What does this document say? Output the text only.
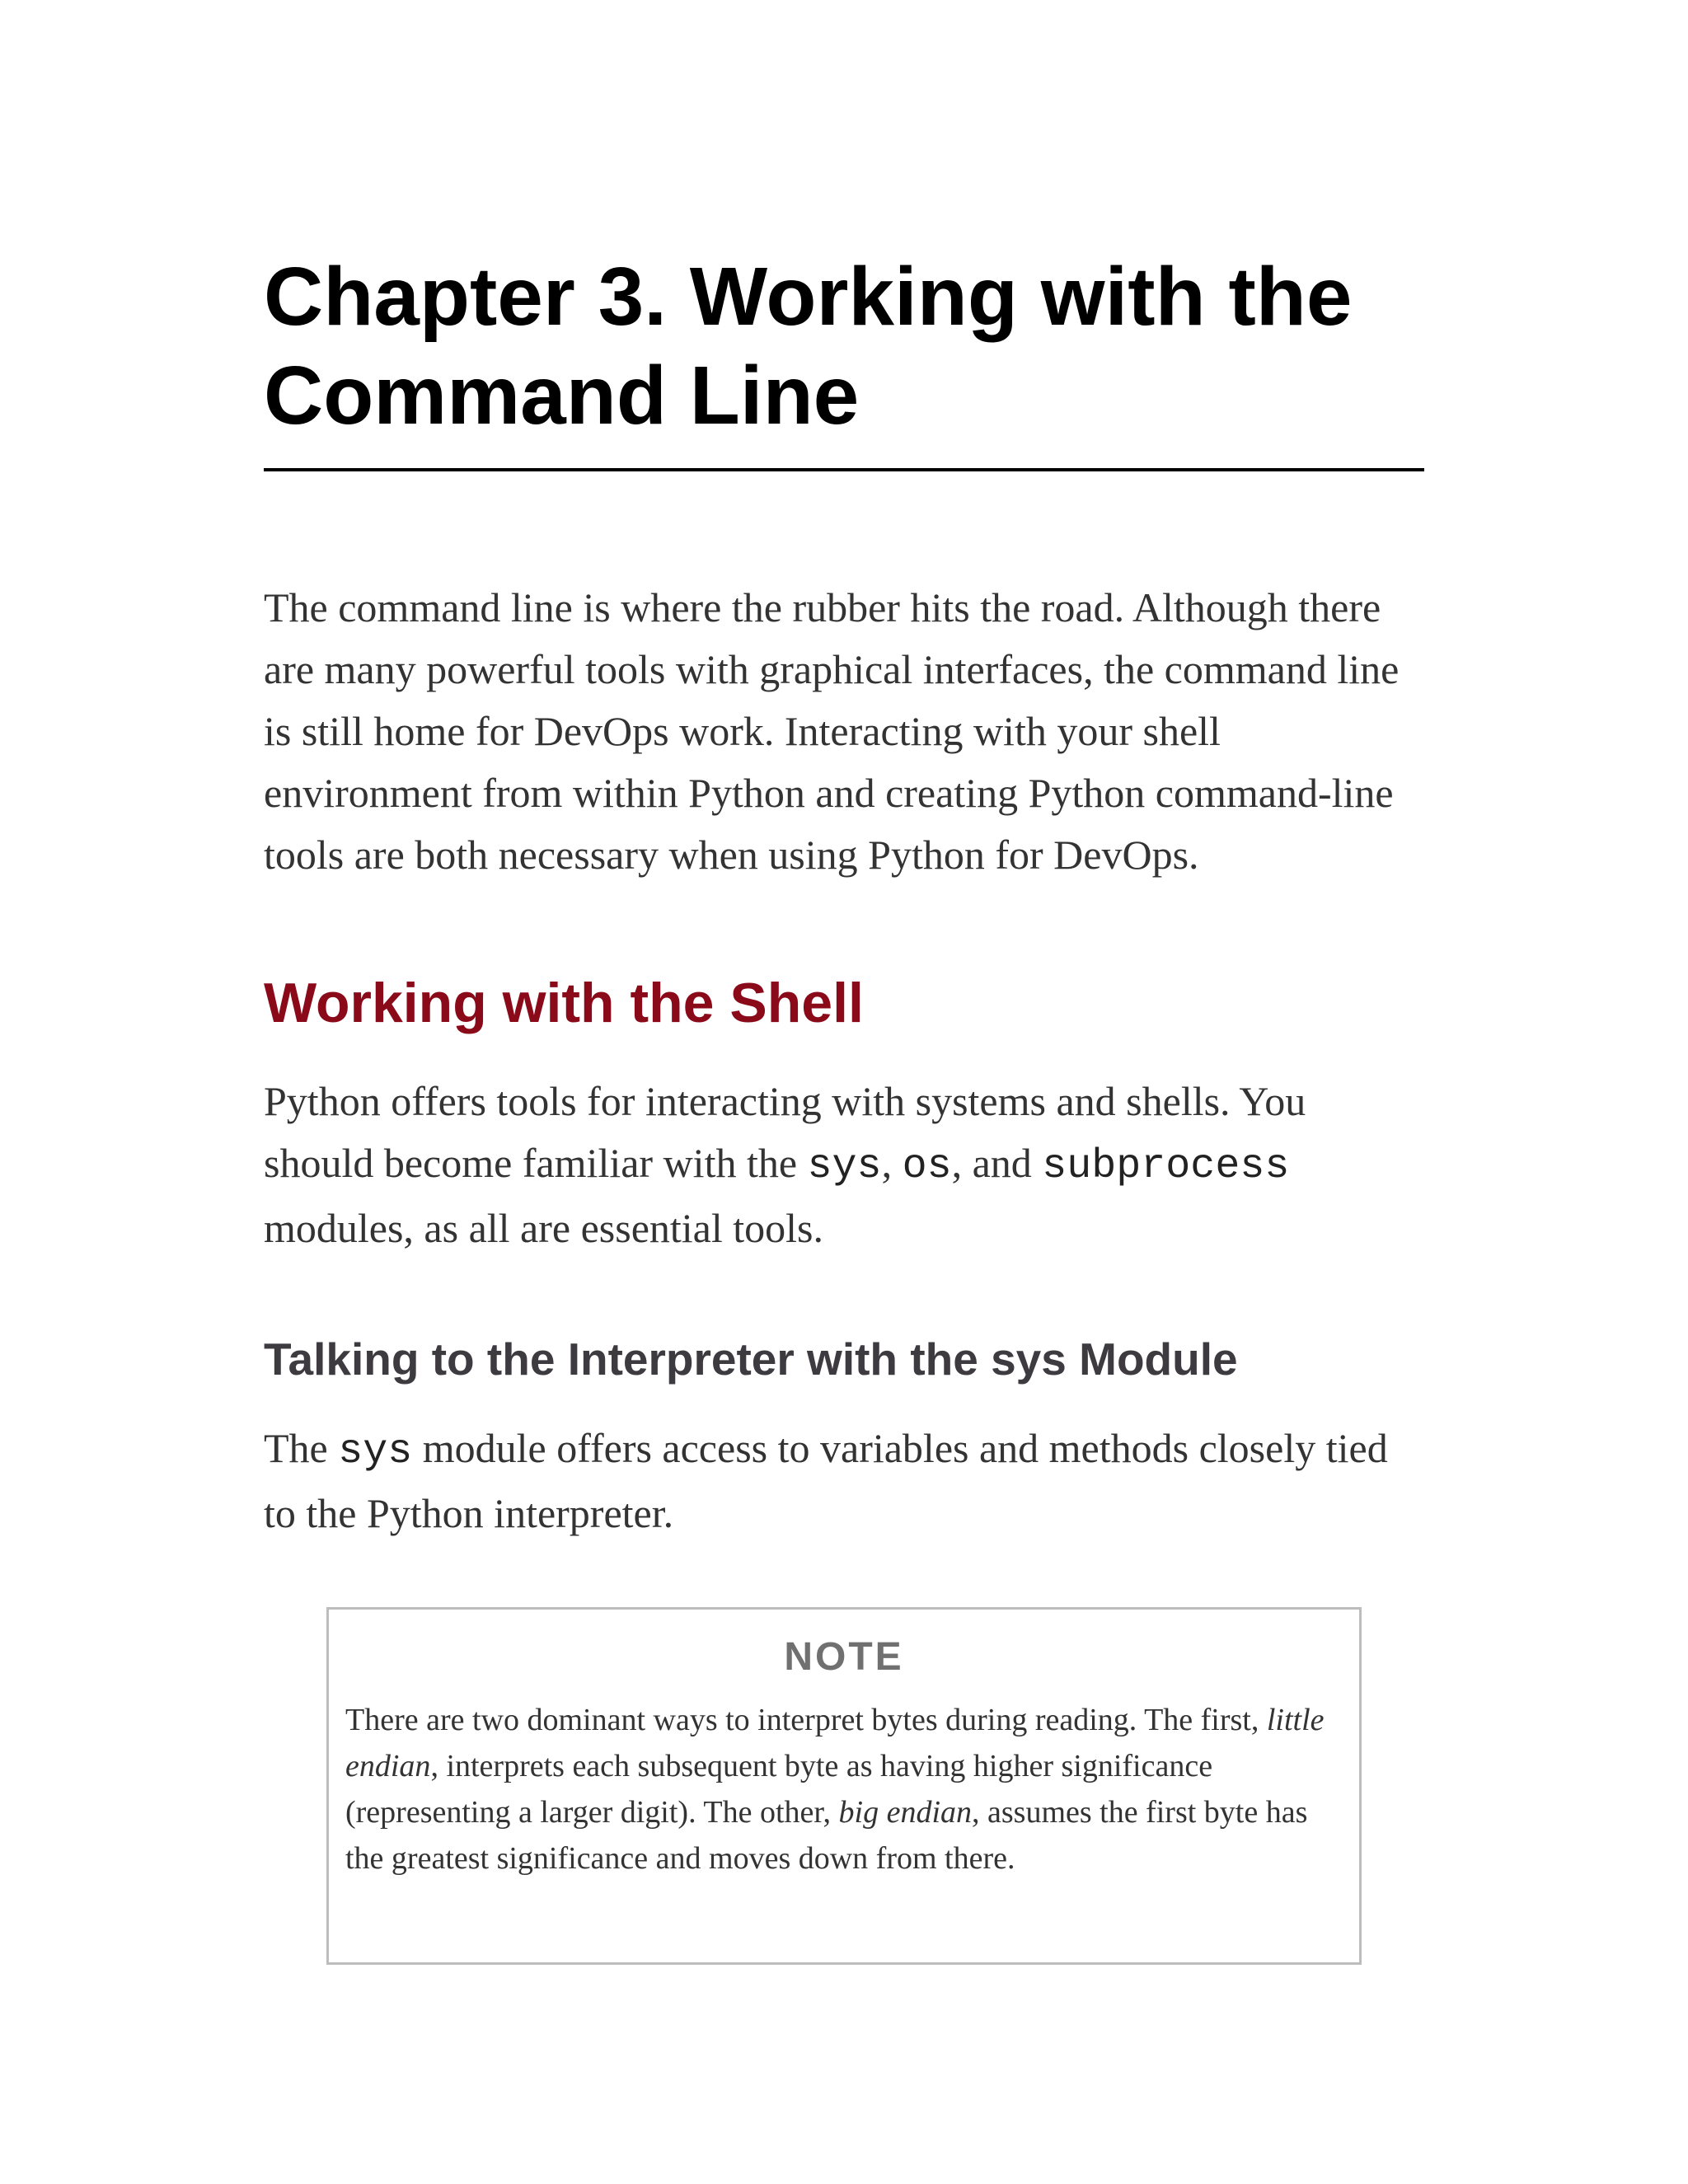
Chapter 3. Working with the
Command Line

The command line is where the rubber hits the road. Although there are many powerful tools with graphical interfaces, the command line is still home for DevOps work. Interacting with your shell environment from within Python and creating Python command-line tools are both necessary when using Python for DevOps.

Working with the Shell

Python offers tools for interacting with systems and shells. You should become familiar with the sys, os, and subprocess modules, as all are essential tools.

Talking to the Interpreter with the sys Module

The sys module offers access to variables and methods closely tied to the Python interpreter.

NOTE

There are two dominant ways to interpret bytes during reading. The first, little endian, interprets each subsequent byte as having higher significance (representing a larger digit). The other, big endian, assumes the first byte has the greatest significance and moves down from there.
